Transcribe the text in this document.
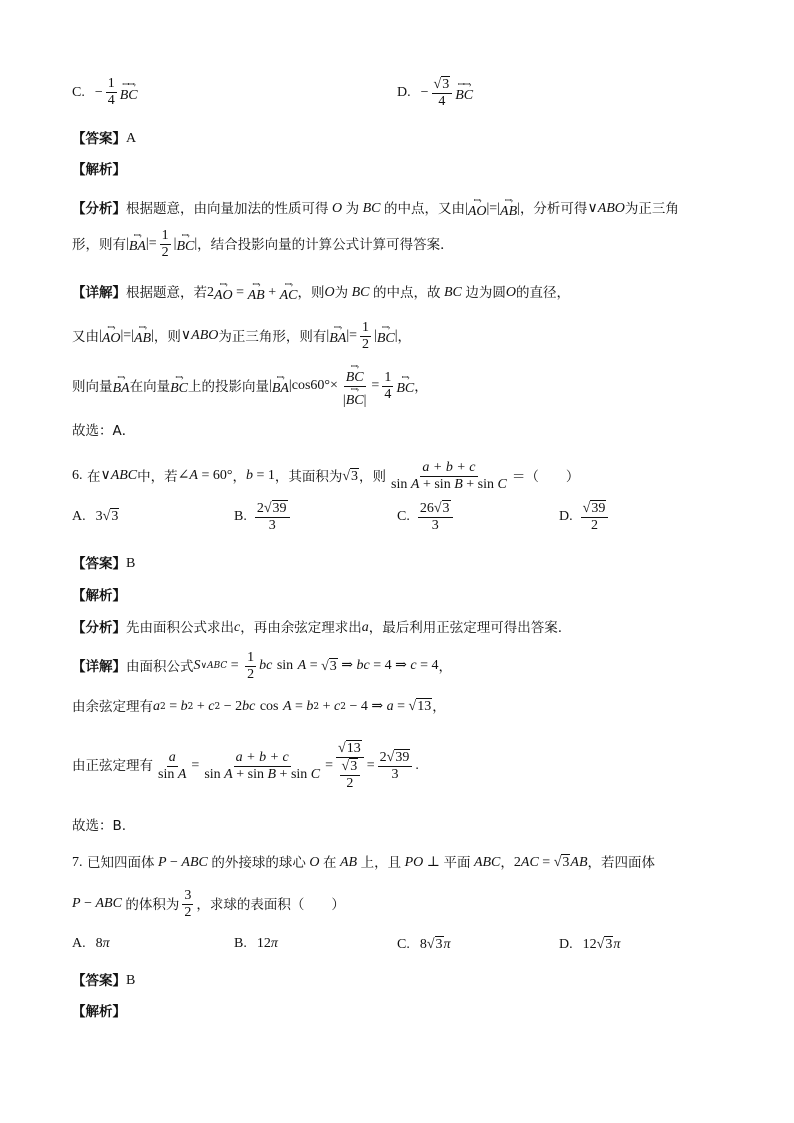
C. − $\frac{1}{4}$ ꟷꟷ›
BC	D. − $\frac{√ 3}{4}$ ꟷꟷ›
BC
【答案】 A
【解析】
【分析】 根据题意，由向量加法的性质可得 O 为 BC 的中点，又由 |
ꟷ›
AO |=|
ꟷ›
AB | ，分析可得 ∨ ABO 为正三角
形，则有 |
ꟷ›
BA |= $\frac{1}{2}$ |
ꟷ›
BC | ，结合投影向量的计算公式计算可得答案．
【详解】 根据题意，若 2
ꟷ›
AO =
ꟷ›
AB +
ꟷ›
AC ，则 O 为 BC 的中点，故 BC 边为圆 O 的直径，
又由 |
ꟷ›
AO |=|
ꟷ›
AB | ，则 ∨ ABO 为正三角形，则有 |
ꟷ›
BA |= $\frac{1}{2}$ |
ꟷ›
BC | ，
则向量
ꟷ›
BA 在向量
ꟷ›
BC 上的投影向量 |
ꟷ›
BA |cos60°× ꟷ›
BC
|
ꟷ›
BC | = $\frac{1}{4}$ ꟷ›
BC ，
故选：A．
6.
在 ∨ ABC 中，若 ∠ A = 60° ， b = 1 ，其面积为 √ 3 ，则 $\frac{a + b + c}{\text{sin A + sin B + sin C}}$ ＝（　　）
A. 3√ 3	B. $\frac{2√ 39}{3}$	C. $\frac{26√ 3}{3}$	D. $\frac{√ 39}{2}$
【答案】 B
【解析】
【分析】 先由面积公式求出 c ，再由余弦定理求出 a ，最后利用正弦定理可得出答案.
【详解】 由面积公式 S ∨ABC = $\frac{1}{2}$ bc
sin
A = √ 3 ⇒ bc = 4 ⇒ c = 4 ，
由余弦定理有 a 2 = b 2 + c 2 − 2 bc
cos
A = b 2 + c 2 − 4 ⇒ a = √ 13 ，
由正弦定理有 $\frac{a}{\text{sin A}} = \frac{a + b + c}{\text{sin A + sin B + sin C}} = \frac{√ 13}{\frac{√ 3}{2}} = \frac{2√ 39}{3}$ .
故选：B.
7.
已知四面体 P − ABC 的外接球的球心 O 在 AB 上，且 PO ⊥ 平面 ABC ， 2 AC = √ 3 AB ，若四面体
P − ABC 的体积为 $\frac{3}{2}$ ，求球的表面积（　　）
A. 8π	B. 12π	C. 8√ 3 π	D. 12√ 3 π
【答案】 B
【解析】
